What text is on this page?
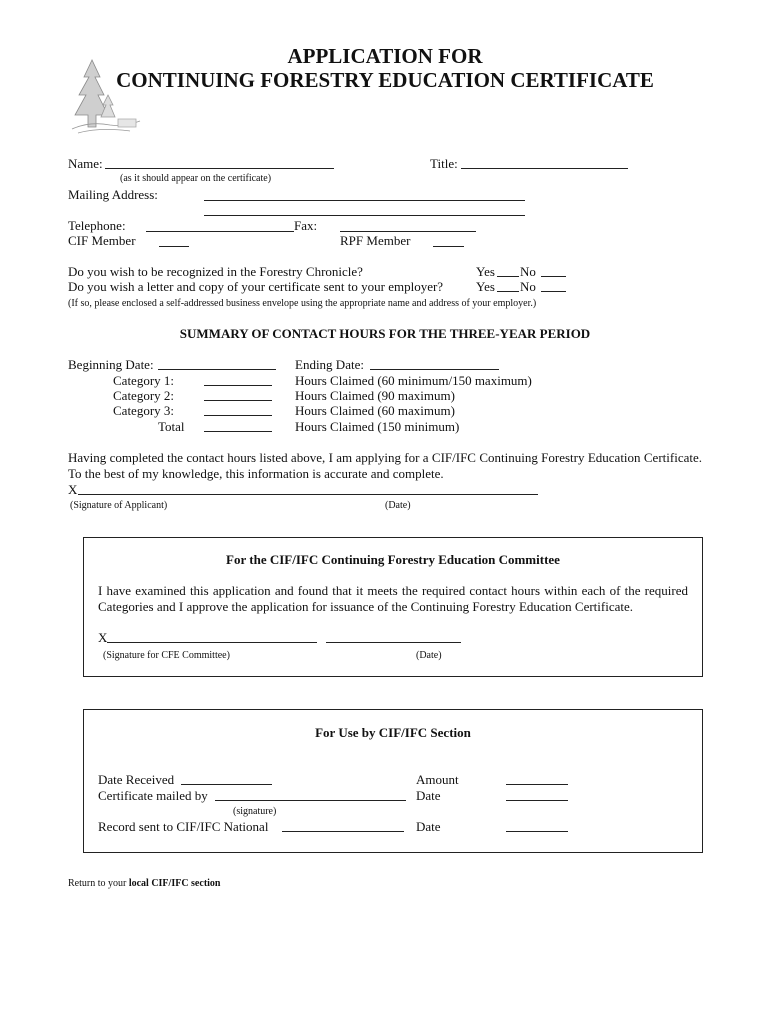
APPLICATION FOR
CONTINUING FORESTRY EDUCATION CERTIFICATE
Name:
(as it should appear on the certificate)
Title:
Mailing Address:
Telephone:	Fax:
CIF Member	RPF Member
Do you wish to be recognized in the Forestry Chronicle?	Yes No
Do you wish a letter and copy of your certificate sent to your employer?	Yes No
(If so, please enclosed a self-addressed business envelope using the appropriate name and address of your employer.)
SUMMARY OF CONTACT HOURS FOR THE THREE-YEAR PERIOD
Beginning Date:	Ending Date:
Category 1:	Hours Claimed (60 minimum/150 maximum)
Category 2:	Hours Claimed (90 maximum)
Category 3:	Hours Claimed (60 maximum)
Total	Hours Claimed (150 minimum)
Having completed the contact hours listed above, I am applying for a CIF/IFC Continuing Forestry Education Certificate. To the best of my knowledge, this information is accurate and complete.
X
(Signature of Applicant)	(Date)
For the CIF/IFC Continuing Forestry Education Committee
I have examined this application and found that it meets the required contact hours within each of the required Categories and I approve the application for issuance of the Continuing Forestry Education Certificate.
X
(Signature for CFE Committee)	(Date)
For Use by CIF/IFC Section
Date Received	Amount
Certificate mailed by	Date
(signature)
Record sent to CIF/IFC National	Date
Return to your local CIF/IFC section
